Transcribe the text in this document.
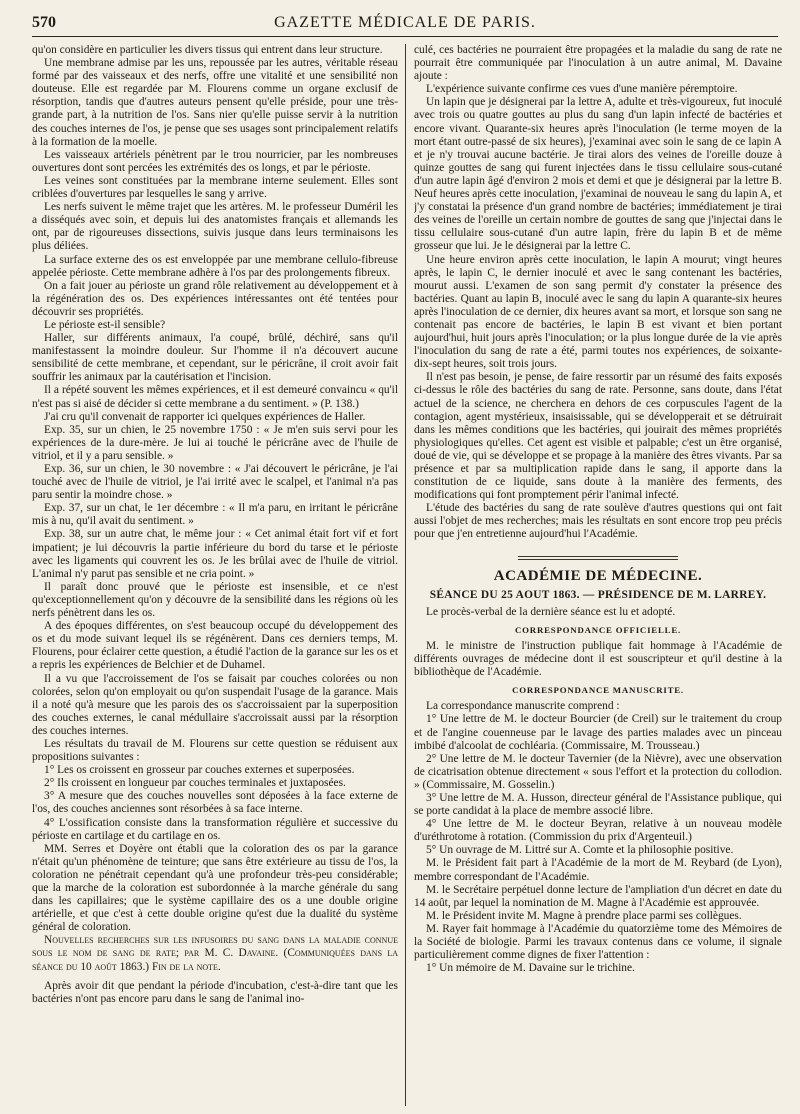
570	GAZETTE MÉDICALE DE PARIS.

qu'on considère en particulier les divers tissus qui entrent dans leur structure.

Une membrane admise par les uns, repoussée par les autres, véritable réseau formé par des vaisseaux et des nerfs, offre une vitalité et une sensibilité non douteuse. Elle est regardée par M. Flourens comme un organe exclusif de résorption, tandis que d'autres auteurs pensent qu'elle préside, pour une très-grande part, à la nutrition de l'os. Sans nier qu'elle puisse servir à la nutrition des couches internes de l'os, je pense que ses usages sont principalement relatifs à la formation de la moelle.

Les vaisseaux artériels pénètrent par le trou nourricier, par les nombreuses ouvertures dont sont percées les extrémités des os longs, et par le périoste.

Les veines sont constituées par la membrane interne seulement. Elles sont criblées d'ouvertures par lesquelles le sang y arrive.

Les nerfs suivent le même trajet que les artères. M. le professeur Duméril les a disséqués avec soin, et depuis lui des anatomistes français et allemands les ont, par de rigoureuses dissections, suivis jusque dans leurs terminaisons les plus déliées.

La surface externe des os est enveloppée par une membrane cellulo-fibreuse appelée périoste. Cette membrane adhère à l'os par des prolongements fibreux.

On a fait jouer au périoste un grand rôle relativement au développement et à la régénération des os. Des expériences intéressantes ont été tentées pour découvrir ses propriétés.

Le périoste est-il sensible?

Haller, sur différents animaux, l'a coupé, brûlé, déchiré, sans qu'il manifestassent la moindre douleur. Sur l'homme il n'a découvert aucune sensibilité de cette membrane, et cependant, sur le péricrâne, il croit avoir fait souffrir les animaux par la cautérisation et l'incision.

Il a répété souvent les mêmes expériences, et il est demeuré convaincu « qu'il n'est pas si aisé de décider si cette membrane a du sentiment. » (P. 138.)

J'ai cru qu'il convenait de rapporter ici quelques expériences de Haller.

Exp. 35, sur un chien, le 25 novembre 1750 : « Je m'en suis servi pour les expériences de la dure-mère. Je lui ai touché le péricrâne avec de l'huile de vitriol, et il y a paru sensible. »

Exp. 36, sur un chien, le 30 novembre : « J'ai découvert le péricrâne, je l'ai touché avec de l'huile de vitriol, je l'ai irrité avec le scalpel, et l'animal n'a pas paru sentir la moindre chose. »

Exp. 37, sur un chat, le 1er décembre : « Il m'a paru, en irritant le péricrâne mis à nu, qu'il avait du sentiment. »

Exp. 38, sur un autre chat, le même jour : « Cet animal était fort vif et fort impatient; je lui découvris la partie inférieure du bord du tarse et le périoste avec les ligaments qui couvrent les os. Je les brûlai avec de l'huile de vitriol. L'animal n'y parut pas sensible et ne cria point. »

Il paraît donc prouvé que le périoste est insensible, et ce n'est qu'exceptionnellement qu'on y découvre de la sensibilité dans les régions où les nerfs pénètrent dans les os.

A des époques différentes, on s'est beaucoup occupé du développement des os et du mode suivant lequel ils se régénèrent. Dans ces derniers temps, M. Flourens, pour éclairer cette question, a étudié l'action de la garance sur les os et a repris les expériences de Belchier et de Duhamel.

Il a vu que l'accroissement de l'os se faisait par couches colorées ou non colorées, selon qu'on employait ou qu'on suspendait l'usage de la garance. Mais il a noté qu'à mesure que les parois des os s'accroissaient par la superposition des couches externes, le canal médullaire s'accroissait aussi par la résorption des couches internes.

Les résultats du travail de M. Flourens sur cette question se réduisent aux propositions suivantes :

1° Les os croissent en grosseur par couches externes et superposées.

2° Ils croissent en longueur par couches terminales et juxtaposées.

3° A mesure que des couches nouvelles sont déposées à la face externe de l'os, des couches anciennes sont résorbées à sa face interne.

4° L'ossification consiste dans la transformation régulière et successive du périoste en cartilage et du cartilage en os.

MM. Serres et Doyère ont établi que la coloration des os par la garance n'était qu'un phénomène de teinture; que sans être extérieure au tissu de l'os, la coloration ne pénétrait cependant qu'à une profondeur très-peu considérable; que la marche de la coloration est subordonnée à la marche générale du sang dans les capillaires; que le système capillaire des os a une double origine artérielle, et que c'est à cette double origine qu'est due la dualité du système général de coloration.

Nouvelles recherches sur les infusoires du sang dans la maladie connue sous le nom de sang de rate; par M. C. Davaine. (Communiquées dans la séance du 10 août 1863.) Fin de la note.

Après avoir dit que pendant la période d'incubation, c'est-à-dire tant que les bactéries n'ont pas encore paru dans le sang de l'animal ino-

culé, ces bactéries ne pourraient être propagées et la maladie du sang de rate ne pourrait être communiquée par l'inoculation à un autre animal, M. Davaine ajoute :

L'expérience suivante confirme ces vues d'une manière péremptoire.

Un lapin que je désignerai par la lettre A, adulte et très-vigoureux, fut inoculé avec trois ou quatre gouttes au plus du sang d'un lapin infecté de bactéries et encore vivant. Quarante-six heures après l'inoculation (le terme moyen de la mort étant outre-passé de six heures), j'examinai avec soin le sang de ce lapin A et je n'y trouvai aucune bactérie. Je tirai alors des veines de l'oreille douze à quinze gouttes de sang qui furent injectées dans le tissu cellulaire sous-cutané d'un autre lapin âgé d'environ 2 mois et demi et que je désignerai par la lettre B. Neuf heures après cette inoculation, j'examinai de nouveau le sang du lapin A, et j'y constatai la présence d'un grand nombre de bactéries; immédiatement je tirai des veines de l'oreille un certain nombre de gouttes de sang que j'injectai dans le tissu cellulaire sous-cutané d'un autre lapin, frère du lapin B et de même grosseur que lui. Je le désignerai par la lettre C.

Une heure environ après cette inoculation, le lapin A mourut; vingt heures après, le lapin C, le dernier inoculé et avec le sang contenant les bactéries, mourut aussi. L'examen de son sang permit d'y constater la présence des bactéries. Quant au lapin B, inoculé avec le sang du lapin A quarante-six heures après l'inoculation de ce dernier, dix heures avant sa mort, et lorsque son sang ne contenait pas encore de bactéries, le lapin B est vivant et bien portant aujourd'hui, huit jours après l'inoculation; or la plus longue durée de la vie après l'inoculation du sang de rate a été, parmi toutes nos expériences, de soixante-dix-sept heures, soit trois jours.

Il n'est pas besoin, je pense, de faire ressortir par un résumé des faits exposés ci-dessus le rôle des bactéries du sang de rate. Personne, sans doute, dans l'état actuel de la science, ne cherchera en dehors de ces corpuscules l'agent de la contagion, agent mystérieux, insaisissable, qui se développerait et se détruirait dans les mêmes conditions que les bactéries, qui jouirait des mêmes propriétés physiologiques qu'elles. Cet agent est visible et palpable; c'est un être organisé, doué de vie, qui se développe et se propage à la manière des êtres vivants. Par sa présence et par sa multiplication rapide dans le sang, il apporte dans la constitution de ce liquide, sans doute à la manière des ferments, des modifications qui font promptement périr l'animal infecté.

L'étude des bactéries du sang de rate soulève d'autres questions qui ont fait aussi l'objet de mes recherches; mais les résultats en sont encore trop peu précis pour que j'en entretienne aujourd'hui l'Académie.

ACADÉMIE DE MÉDECINE.
SÉANCE DU 25 AOUT 1863. — PRÉSIDENCE DE M. LARREY.

Le procès-verbal de la dernière séance est lu et adopté.

CORRESPONDANCE OFFICIELLE.

M. le ministre de l'instruction publique fait hommage à l'Académie de différents ouvrages de médecine dont il est souscripteur et qu'il destine à la bibliothèque de l'Académie.

CORRESPONDANCE MANUSCRITE.

La correspondance manuscrite comprend :

1° Une lettre de M. le docteur Bourcier (de Creil) sur le traitement du croup et de l'angine couenneuse par le lavage des parties malades avec un pinceau imbibé d'alcoolat de cochléaria. (Commissaire, M. Trousseau.)

2° Une lettre de M. le docteur Tavernier (de la Nièvre), avec une observation de cicatrisation obtenue directement « sous l'effort et la protection du collodion. » (Commissaire, M. Gosselin.)

3° Une lettre de M. A. Husson, directeur général de l'Assistance publique, qui se porte candidat à la place de membre associé libre.

4° Une lettre de M. le docteur Beyran, relative à un nouveau modèle d'uréthrotome à rotation. (Commission du prix d'Argenteuil.)

5° Un ouvrage de M. Littré sur A. Comte et la philosophie positive.

M. le Président fait part à l'Académie de la mort de M. Reybard (de Lyon), membre correspondant de l'Académie.

M. le Secrétaire perpétuel donne lecture de l'ampliation d'un décret en date du 14 août, par lequel la nomination de M. Magne à l'Académie est approuvée.

M. le Président invite M. Magne à prendre place parmi ses collègues.

M. Rayer fait hommage à l'Académie du quatorzième tome des Mémoires de la Société de biologie. Parmi les travaux contenus dans ce volume, il signale particulièrement comme dignes de fixer l'attention :

1° Un mémoire de M. Davaine sur le trichine.
